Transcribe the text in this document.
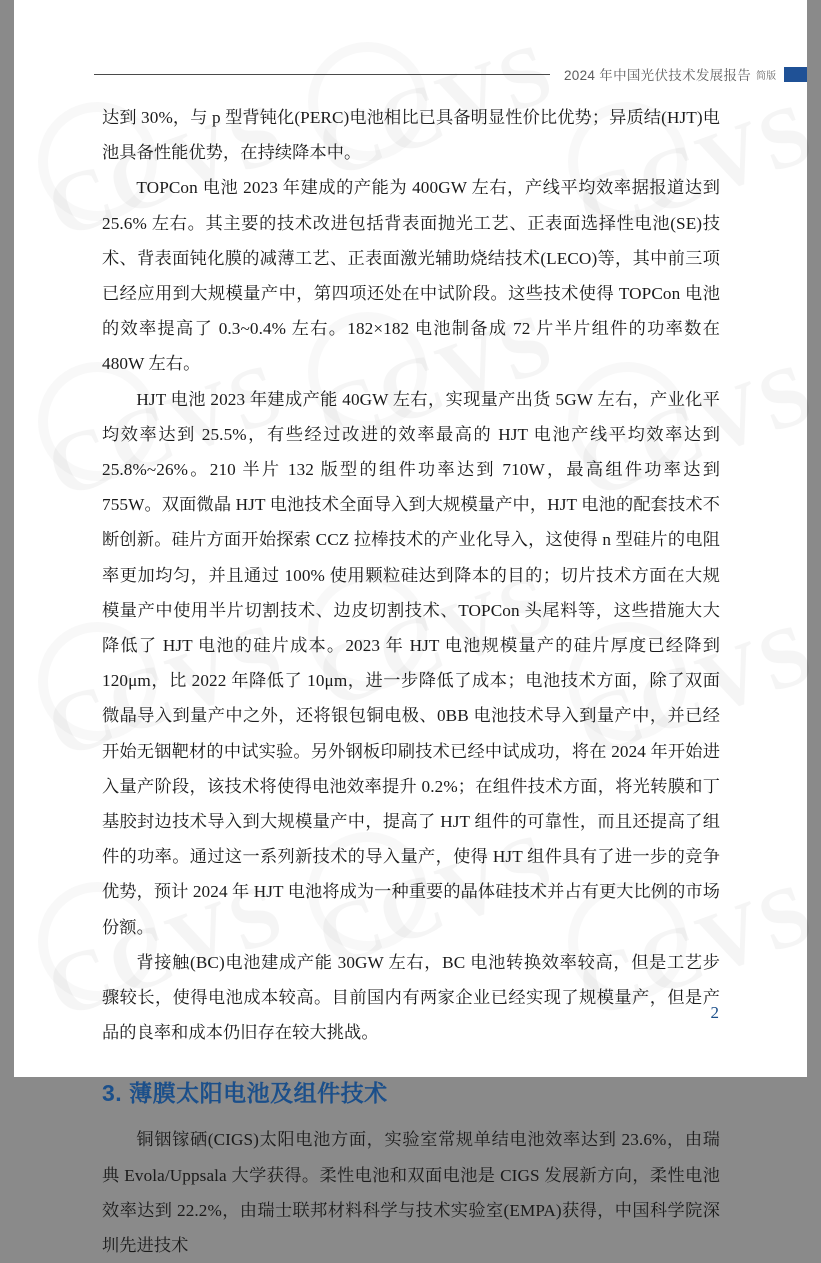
2024 年中国光伏技术发展报告 简版

达到 30%，与 p 型背钝化(PERC)电池相比已具备明显性价比优势；异质结(HJT)电池具备性能优势，在持续降本中。

TOPCon 电池 2023 年建成的产能为 400GW 左右，产线平均效率据报道达到 25.6% 左右。其主要的技术改进包括背表面抛光工艺、正表面选择性电池(SE)技术、背表面钝化膜的减薄工艺、正表面激光辅助烧结技术(LECO)等，其中前三项已经应用到大规模量产中，第四项还处在中试阶段。这些技术使得 TOPCon 电池的效率提高了 0.3~0.4% 左右。182×182 电池制备成 72 片半片组件的功率数在 480W 左右。

HJT 电池 2023 年建成产能 40GW 左右，实现量产出货 5GW 左右，产业化平均效率达到 25.5%，有些经过改进的效率最高的 HJT 电池产线平均效率达到 25.8%~26%。210 半片 132 版型的组件功率达到 710W，最高组件功率达到 755W。双面微晶 HJT 电池技术全面导入到大规模量产中，HJT 电池的配套技术不断创新。硅片方面开始探索 CCZ 拉棒技术的产业化导入，这使得 n 型硅片的电阻率更加均匀，并且通过 100% 使用颗粒硅达到降本的目的；切片技术方面在大规模量产中使用半片切割技术、边皮切割技术、TOPCon 头尾料等，这些措施大大降低了 HJT 电池的硅片成本。2023 年 HJT 电池规模量产的硅片厚度已经降到 120μm，比 2022 年降低了 10μm，进一步降低了成本；电池技术方面，除了双面微晶导入到量产中之外，还将银包铜电极、0BB 电池技术导入到量产中，并已经开始无铟靶材的中试实验。另外钢板印刷技术已经中试成功，将在 2024 年开始进入量产阶段，该技术将使得电池效率提升 0.2%；在组件技术方面，将光转膜和丁基胶封边技术导入到大规模量产中，提高了 HJT 组件的可靠性，而且还提高了组件的功率。通过这一系列新技术的导入量产，使得 HJT 组件具有了进一步的竞争优势，预计 2024 年 HJT 电池将成为一种重要的晶体硅技术并占有更大比例的市场份额。

背接触(BC)电池建成产能 30GW 左右，BC 电池转换效率较高，但是工艺步骤较长，使得电池成本较高。目前国内有两家企业已经实现了规模量产，但是产品的良率和成本仍旧存在较大挑战。

3. 薄膜太阳电池及组件技术

铜铟镓硒(CIGS)太阳电池方面，实验室常规单结电池效率达到 23.6%，由瑞典 Evola/Uppsala 大学获得。柔性电池和双面电池是 CIGS 发展新方向，柔性电池效率达到 22.2%，由瑞士联邦材料科学与技术实验室(EMPA)获得，中国科学院深圳先进技术

2
